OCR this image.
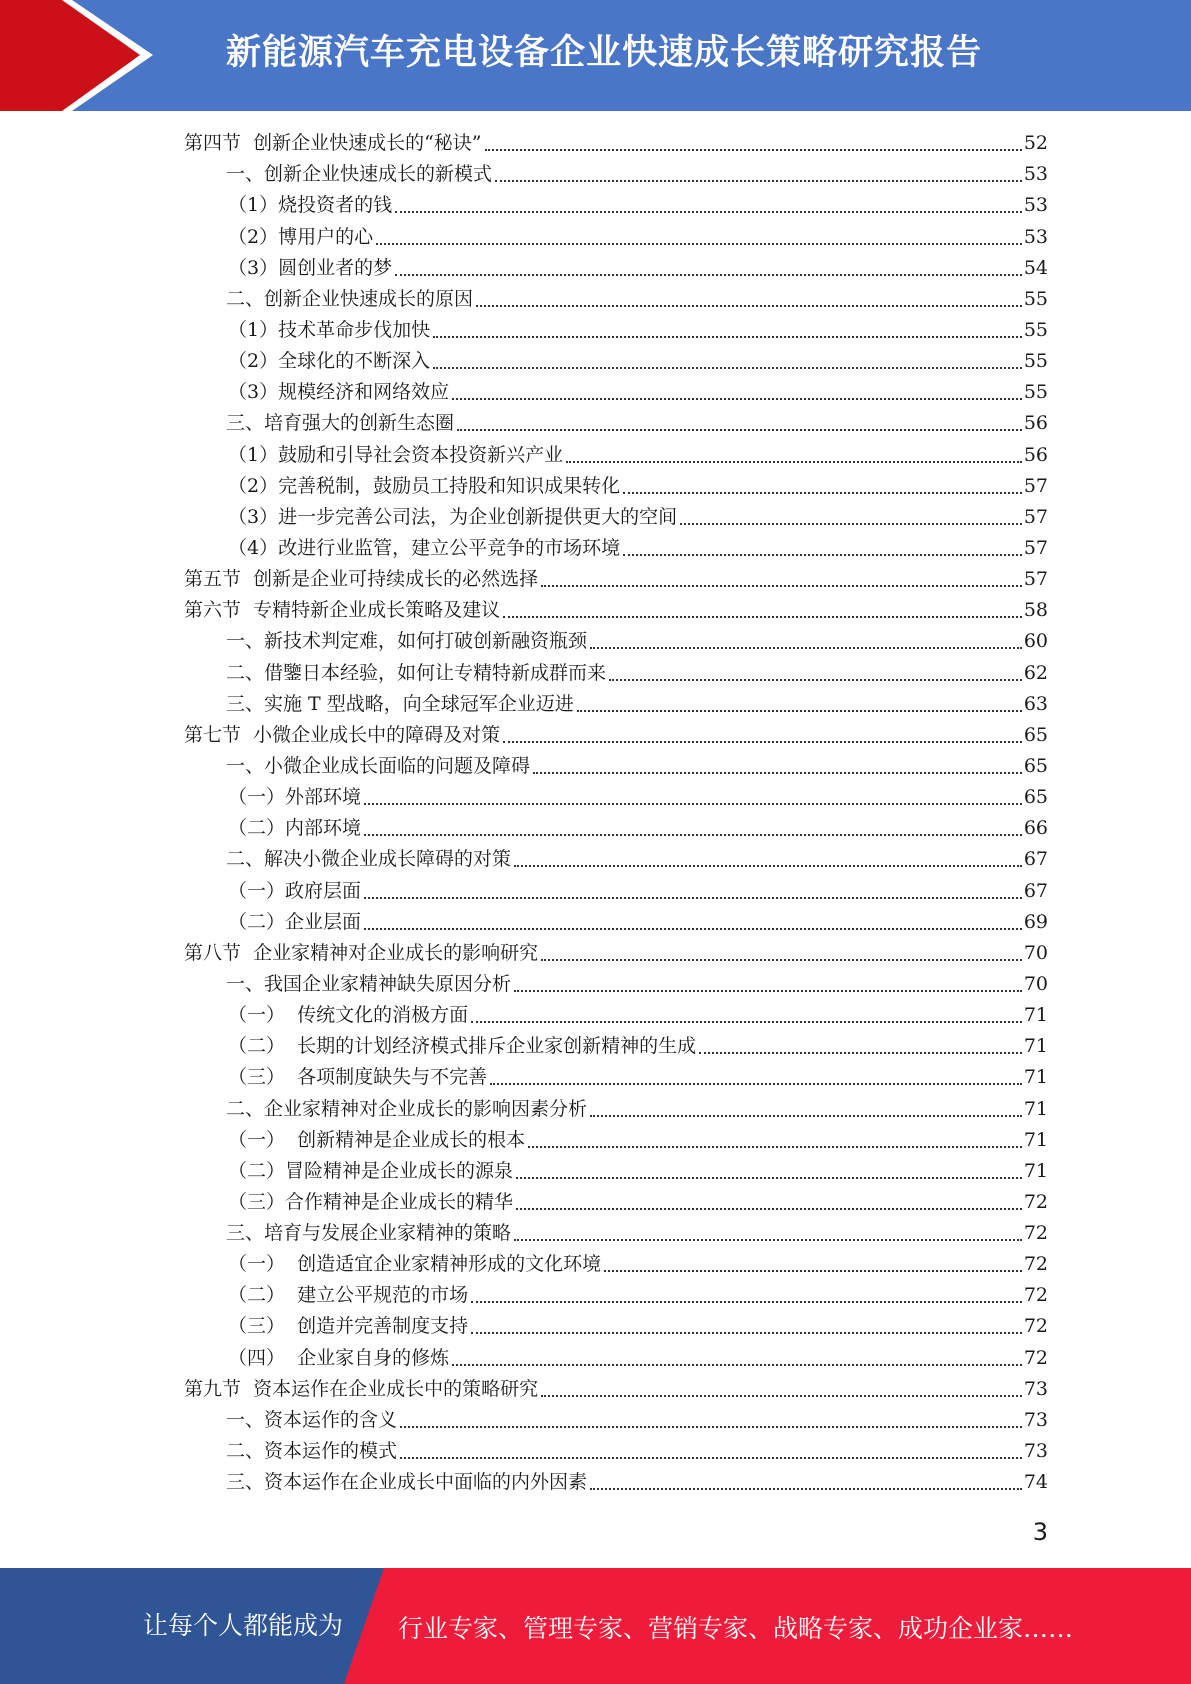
新能源汽车充电设备企业快速成长策略研究报告
第四节  创新企业快速成长的“秘诀”	52
一、创新企业快速成长的新模式	53
（1）烧投资者的钱	53
（2）博用户的心	53
（3）圆创业者的梦	54
二、创新企业快速成长的原因	55
（1）技术革命步伐加快	55
（2）全球化的不断深入	55
（3）规模经济和网络效应	55
三、培育强大的创新生态圈	56
（1）鼓励和引导社会资本投资新兴产业	56
（2）完善税制，鼓励员工持股和知识成果转化	57
（3）进一步完善公司法，为企业创新提供更大的空间	57
（4）改进行业监管，建立公平竞争的市场环境	57
第五节  创新是企业可持续成长的必然选择	57
第六节  专精特新企业成长策略及建议	58
一、新技术判定难，如何打破创新融资瓶颈	60
二、借鑒日本经验，如何让专精特新成群而来	62
三、实施 T 型战略，向全球冠军企业迈进	63
第七节  小微企业成长中的障碍及对策	65
一、小微企业成长面临的问题及障碍	65
（一）外部环境	65
（二）内部环境	66
二、解决小微企业成长障碍的对策	67
（一）政府层面	67
（二）企业层面	69
第八节  企业家精神对企业成长的影响研究	70
一、我国企业家精神缺失原因分析	70
（一）  传统文化的消极方面	71
（二）  长期的计划经济模式排斥企业家创新精神的生成	71
（三）  各项制度缺失与不完善	71
二、企业家精神对企业成长的影响因素分析	71
（一）  创新精神是企业成长的根本	71
（二）冒险精神是企业成长的源泉	71
（三）合作精神是企业成长的精华	72
三、培育与发展企业家精神的策略	72
（一）  创造适宜企业家精神形成的文化环境	72
（二）  建立公平规范的市场	72
（三）  创造并完善制度支持	72
（四）  企业家自身的修炼	72
第九节  资本运作在企业成长中的策略研究	73
一、资本运作的含义	73
二、资本运作的模式	73
三、资本运作在企业成长中面临的内外因素	74
3
让每个人都能成为 行业专家、管理专家、营销专家、战略专家、成功企业家……
